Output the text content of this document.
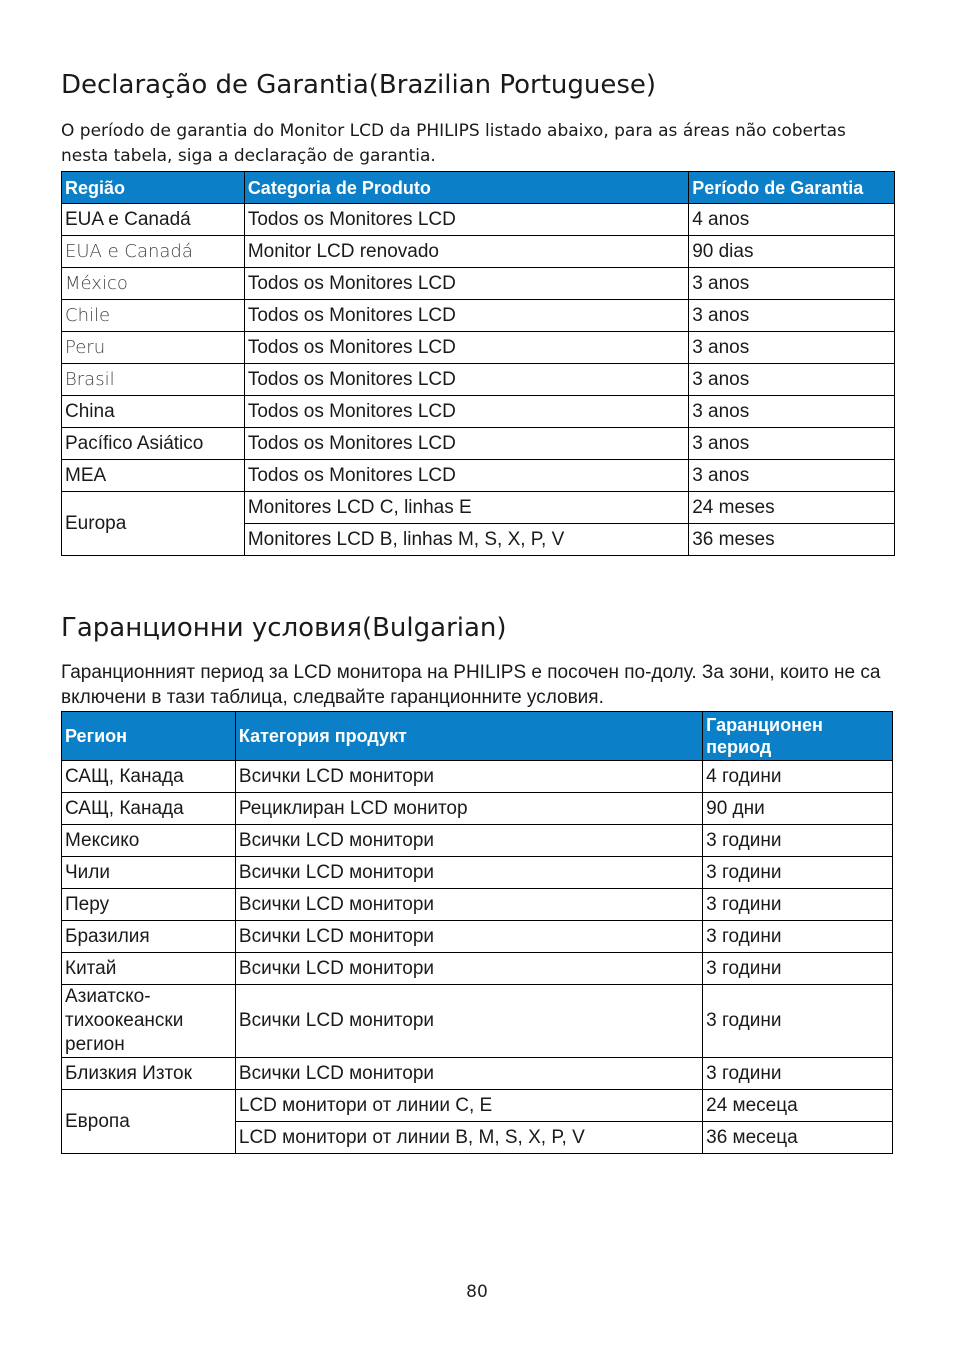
Declaração de Garantia(Brazilian Portuguese)

O período de garantia do Monitor LCD da PHILIPS listado abaixo, para as áreas não cobertas nesta tabela, siga a declaração de garantia.

Região	Categoria de Produto	Período de Garantia
EUA e Canadá	Todos os Monitores LCD	4 anos
EUA e Canadá	Monitor LCD renovado	90 dias
México	Todos os Monitores LCD	3 anos
Chile	Todos os Monitores LCD	3 anos
Peru	Todos os Monitores LCD	3 anos
Brasil	Todos os Monitores LCD	3 anos
China	Todos os Monitores LCD	3 anos
Pacífico Asiático	Todos os Monitores LCD	3 anos
MEA	Todos os Monitores LCD	3 anos
Europa	Monitores LCD C, linhas E	24 meses
	Monitores LCD B, linhas M, S, X, P, V	36 meses
Гаранционни условия(Bulgarian)

Гаранционният период за LCD монитора на PHILIPS е посочен по-долу. За зони, които не са включени в тази таблица, следвайте гаранционните условия.

Регион	Категория продукт	Гаранционен период
САЩ, Канада	Всички LCD монитори	4 години
САЩ, Канада	Рециклиран LCD монитор	90 дни
Мексико	Всички LCD монитори	3 години
Чили	Всички LCD монитори	3 години
Перу	Всички LCD монитори	3 години
Бразилия	Всички LCD монитори	3 години
Китай	Всички LCD монитори	3 години
Азиатско-тихоокеански регион	Всички LCD монитори	3 години
Близкия Изток	Всички LCD монитори	3 години
Европа	LCD монитори от линии C, E	24 месеца
	LCD монитори от линии B, M, S, X, P, V	36 месеца
80
